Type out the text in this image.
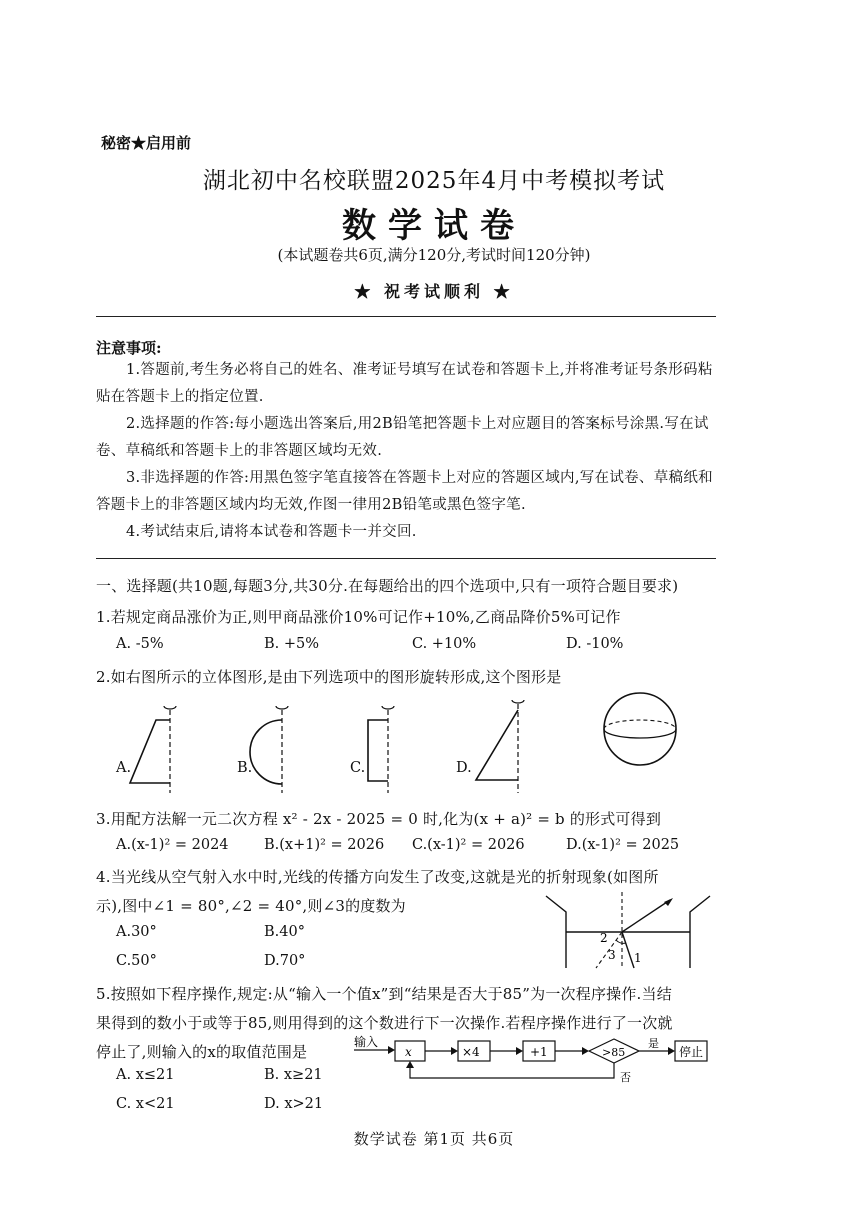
秘密★启用前
湖北初中名校联盟2025年4月中考模拟考试
数学试卷
(本试题卷共6页,满分120分,考试时间120分钟)
★ 祝考试顺利 ★
注意事项:
1.答题前,考生务必将自己的姓名、准考证号填写在试卷和答题卡上,并将准考证号条形码粘贴在答题卡上的指定位置.
2.选择题的作答:每小题选出答案后,用2B铅笔把答题卡上对应题目的答案标号涂黑.写在试卷、草稿纸和答题卡上的非答题区域均无效.
3.非选择题的作答:用黑色签字笔直接答在答题卡上对应的答题区域内,写在试卷、草稿纸和答题卡上的非答题区域内均无效,作图一律用2B铅笔或黑色签字笔.
4.考试结束后,请将本试卷和答题卡一并交回.
一、选择题(共10题,每题3分,共30分.在每题给出的四个选项中,只有一项符合题目要求)
1.若规定商品涨价为正,则甲商品涨价10%可记作+10%,乙商品降价5%可记作
A. -5%	B. +5%	C. +10%	D. -10%
2.如右图所示的立体图形,是由下列选项中的图形旋转形成,这个图形是
A.	B.	C.	D.
3.用配方法解一元二次方程 x² - 2x - 2025 = 0 时,化为(x + a)² = b 的形式可得到
A.(x-1)² = 2024 B.(x+1)² = 2026 C.(x-1)² = 2026	D.(x-1)² = 2025
4.当光线从空气射入水中时,光线的传播方向发生了改变,这就是光的折射现象(如图所
示),图中∠1 = 80°,∠2 = 40°,则∠3的度数为
A.30°	B.40°
C.50°	D.70°
2
3 1
5.按照如下程序操作,规定:从“输入一个值x”到“结果是否大于85”为一次程序操作.当结
果得到的数小于或等于85,则用得到的这个数进行下一次操作.若程序操作进行了一次就
停止了,则输入的x的取值范围是
A. x≤21	B. x≥21
C. x<21	D. x>21
输入
x	×4	+1	>85
是
停止
否
数学试卷 第1页 共6页
